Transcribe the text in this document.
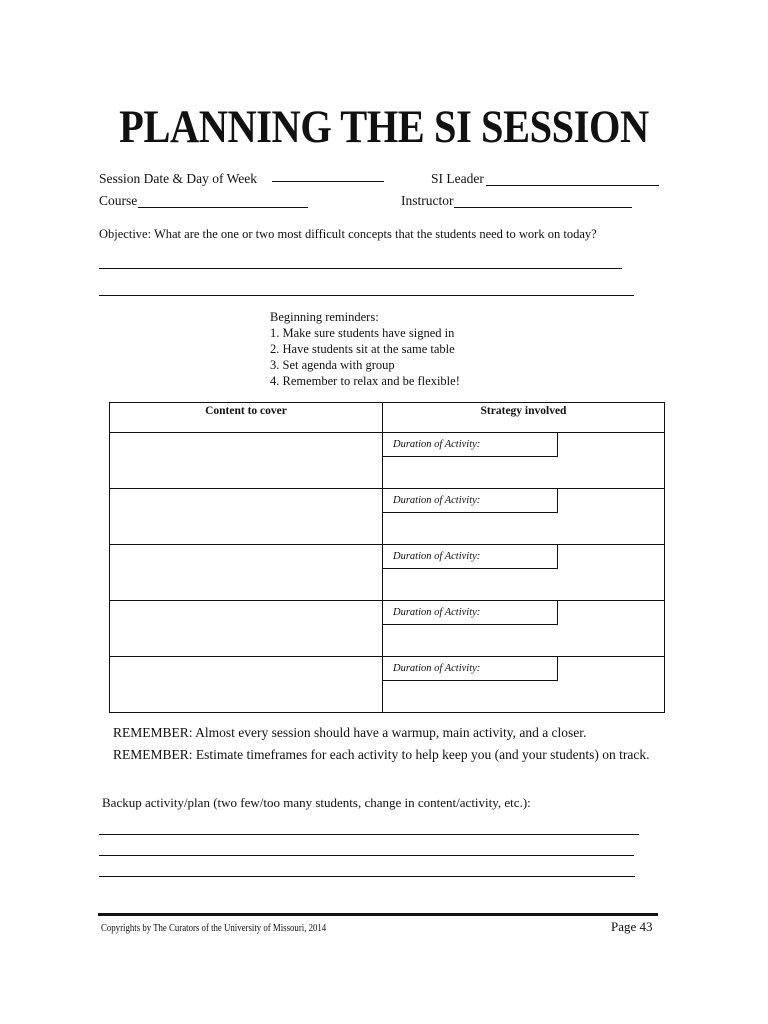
PLANNING THE SI SESSION
Session Date & Day of Week	SI Leader
Course	Instructor
Objective: What are the one or two most difficult concepts that the students need to work on today?
Beginning reminders:
1. Make sure students have signed in
2. Have students sit at the same table
3. Set agenda with group
4. Remember to relax and be flexible!
Content to cover	Strategy involved

	Duration of Activity:

	Duration of Activity:

	Duration of Activity:

	Duration of Activity:

	Duration of Activity:
REMEMBER: Almost every session should have a warmup, main activity, and a closer.
REMEMBER: Estimate timeframes for each activity to help keep you (and your students) on track.
Backup activity/plan (two few/too many students, change in content/activity, etc.):
Copyrights by The Curators of the University of Missouri, 2014	Page 43
